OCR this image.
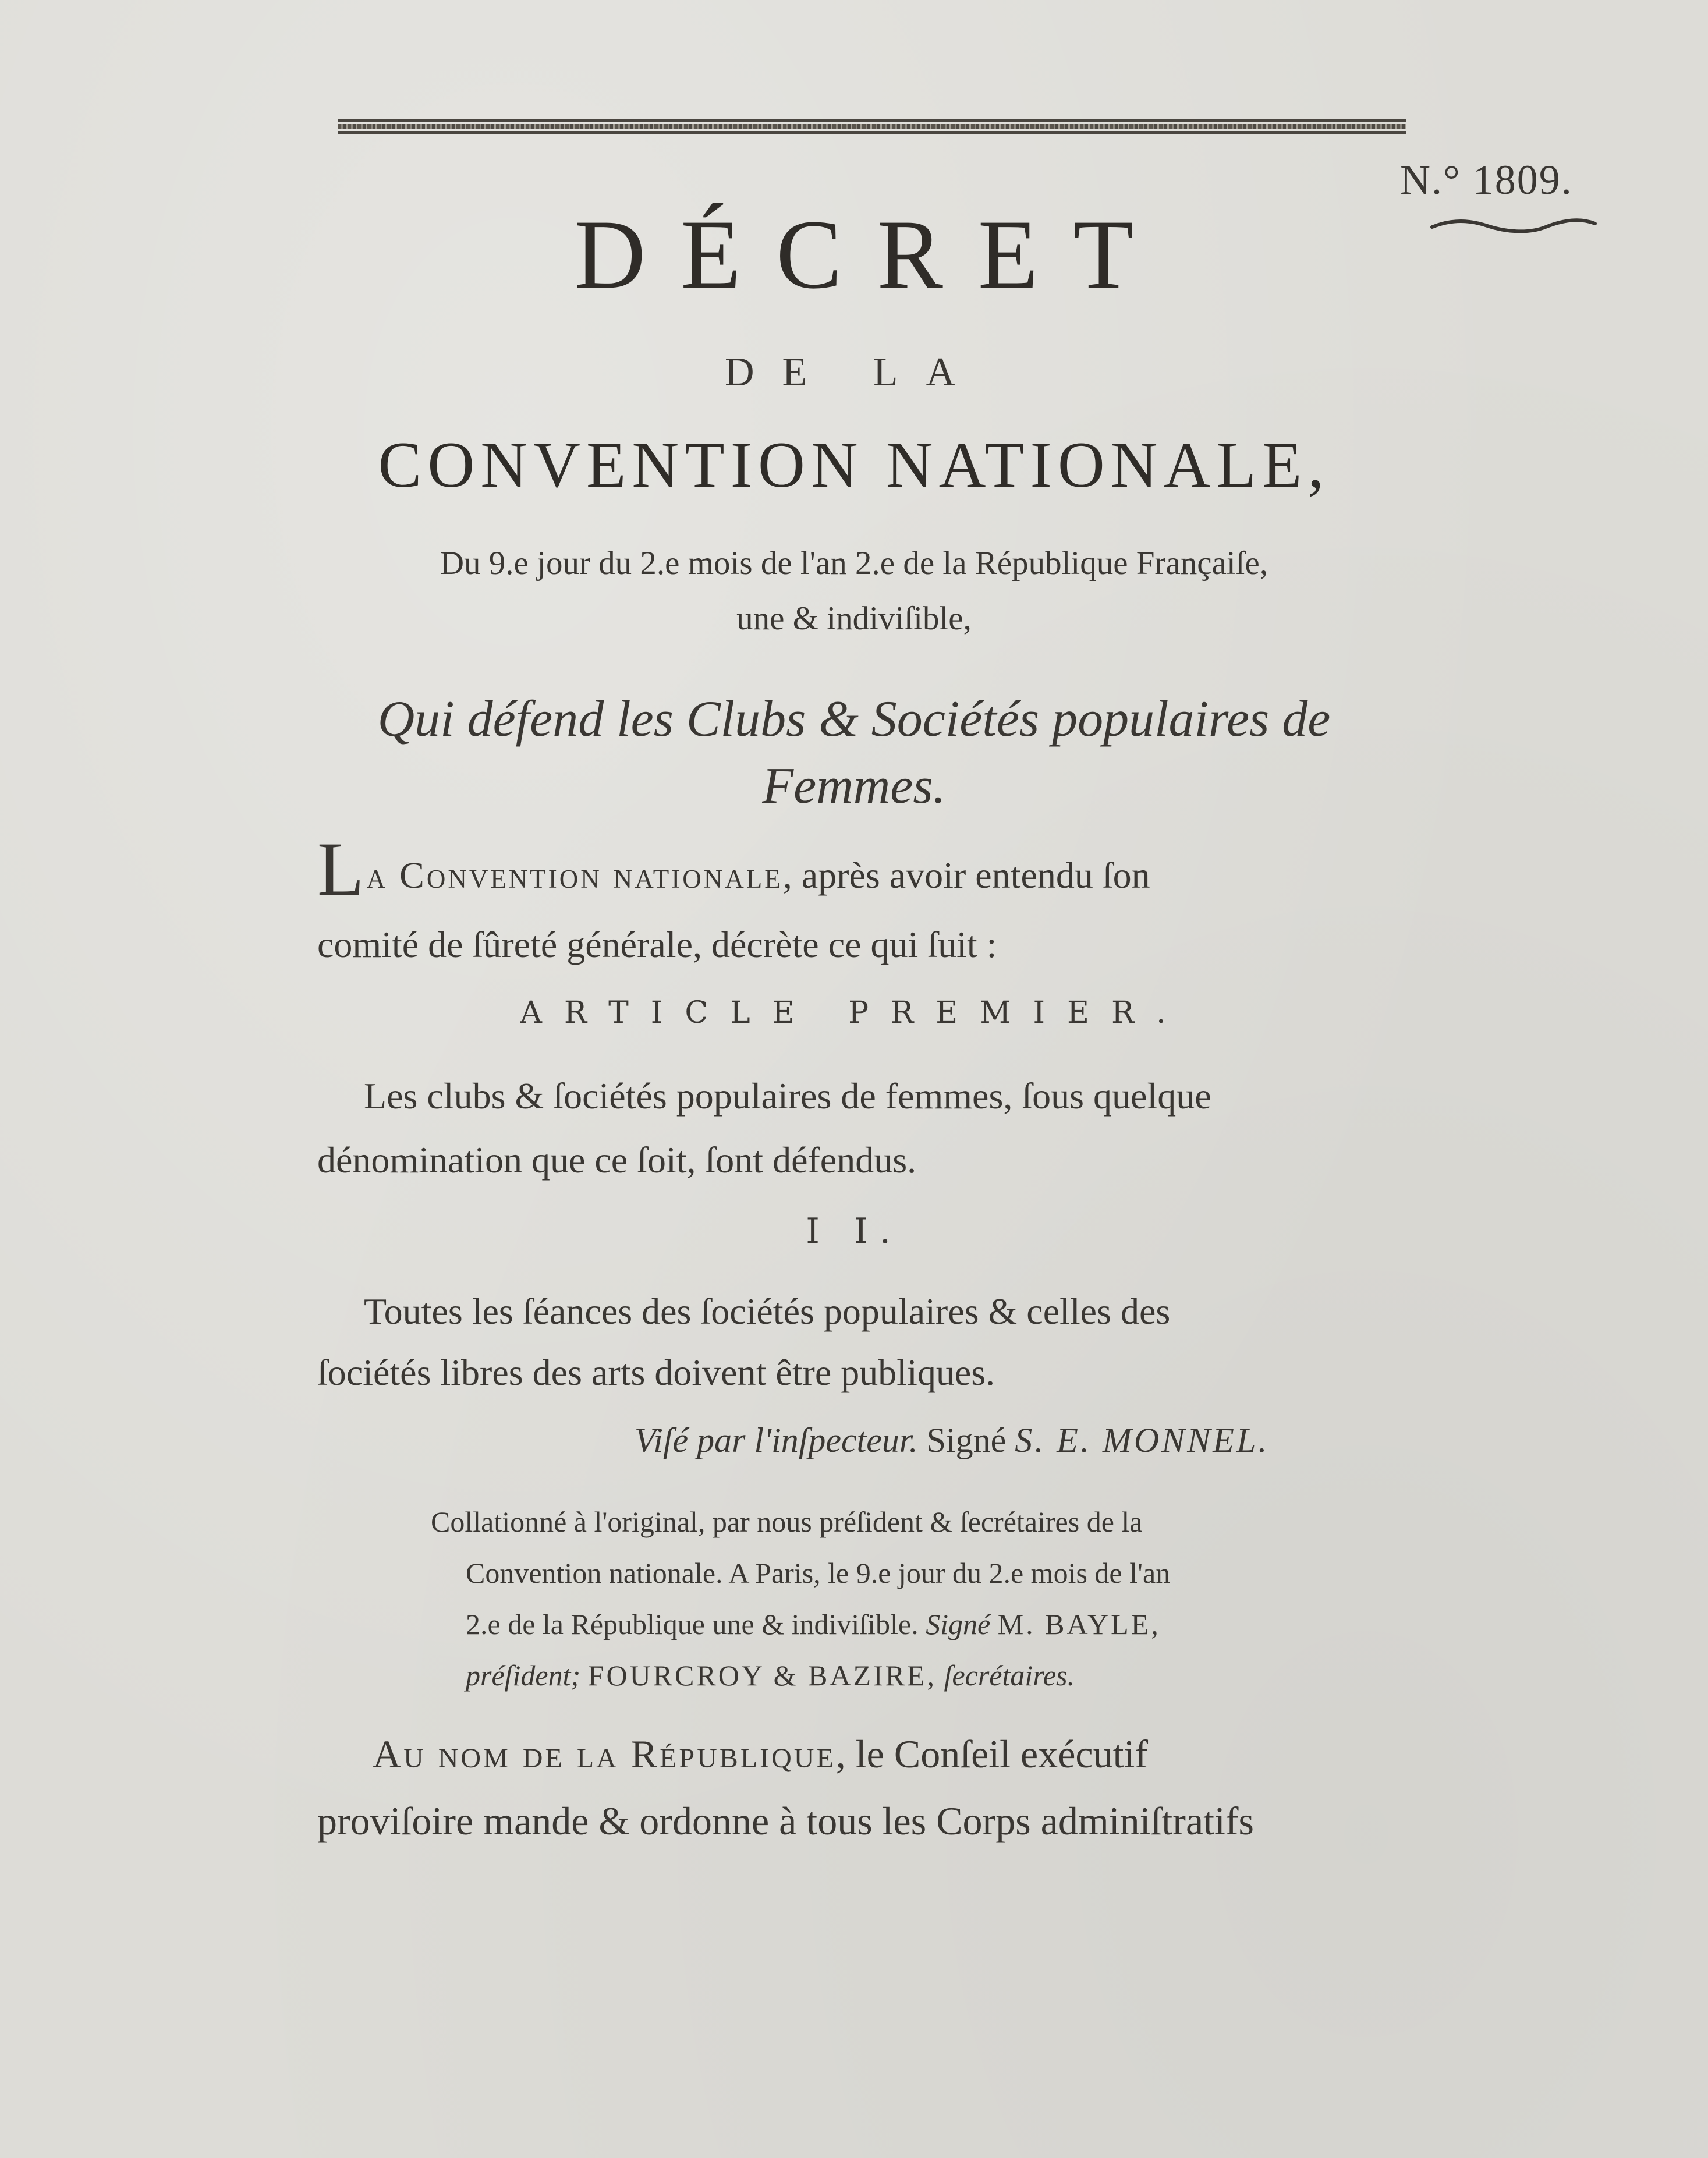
N.° 1809.
DÉCRET
DE LA
CONVENTION NATIONALE,
Du 9.e jour du 2.e mois de l'an 2.e de la République Françaiſe,
une & indiviſible,
Qui défend les Clubs & Sociétés populaires de
Femmes.
La Convention nationale, après avoir entendu ſon
comité de ſûreté générale, décrète ce qui ſuit :
ARTICLE PREMIER.
Les clubs & ſociétés populaires de femmes, ſous quelque
dénomination que ce ſoit, ſont défendus.
I I.
Toutes les ſéances des ſociétés populaires & celles des
ſociétés libres des arts doivent être publiques.
Viſé par l'inſpecteur. Signé S. E. MONNEL.
Collationné à l'original, par nous préſident & ſecrétaires de la
Convention nationale. A Paris, le 9.e jour du 2.e mois de l'an
2.e de la République une & indiviſible. Signé M. BAYLE,
préſident; FOURCROY & BAZIRE, ſecrétaires.
Au nom de la République, le Conſeil exécutif
proviſoire mande & ordonne à tous les Corps adminiſtratifs
